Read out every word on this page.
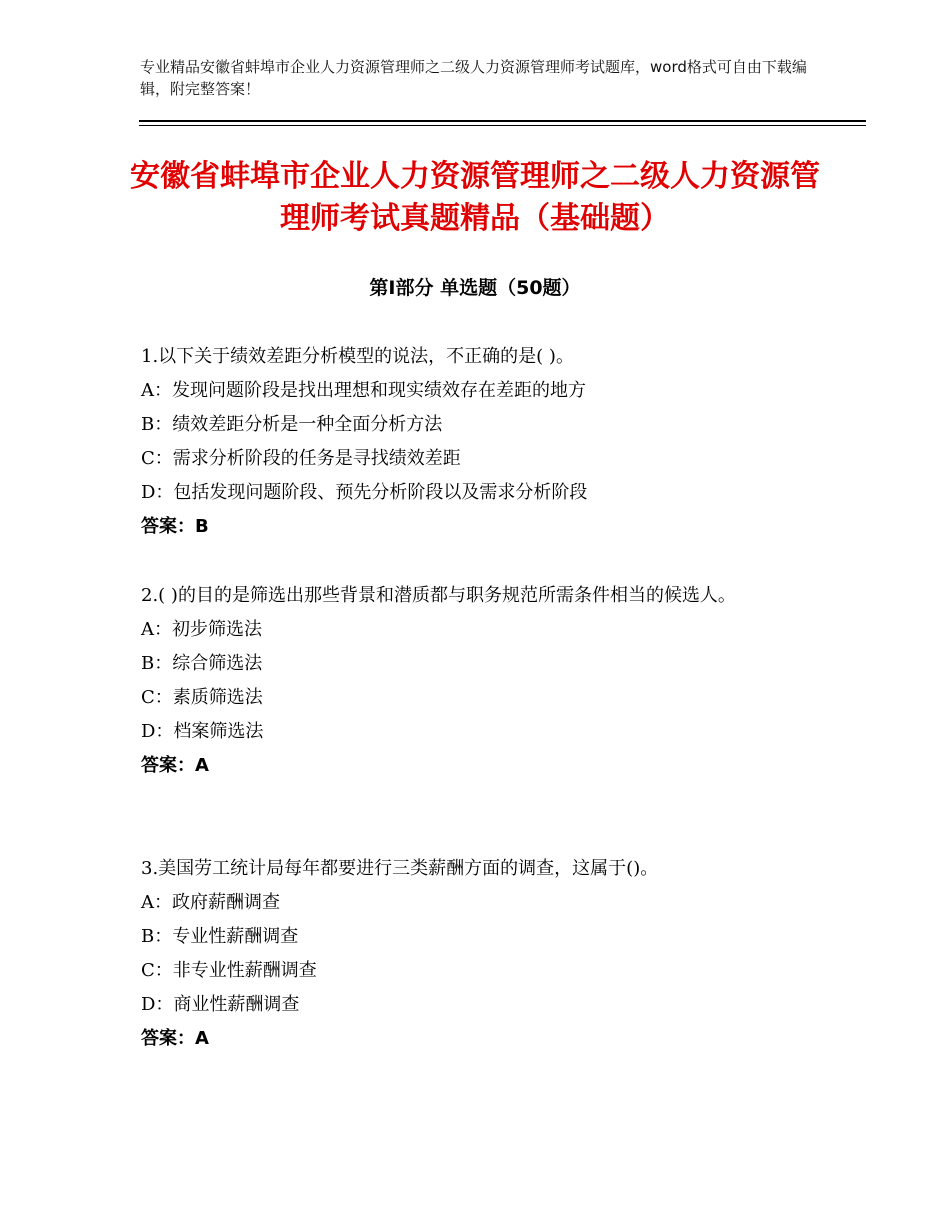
专业精品安徽省蚌埠市企业人力资源管理师之二级人力资源管理师考试题库，word格式可自由下载编辑，附完整答案！
安徽省蚌埠市企业人力资源管理师之二级人力资源管理师考试真题精品（基础题）
第Ⅰ部分 单选题（50题）
1.以下关于绩效差距分析模型的说法，不正确的是( )。
A：发现问题阶段是找出理想和现实绩效存在差距的地方
B：绩效差距分析是一种全面分析方法
C：需求分析阶段的任务是寻找绩效差距
D：包括发现问题阶段、预先分析阶段以及需求分析阶段
答案：B
2.( )的目的是筛选出那些背景和潜质都与职务规范所需条件相当的候选人。
A：初步筛选法
B：综合筛选法
C：素质筛选法
D：档案筛选法
答案：A
3.美国劳工统计局每年都要进行三类薪酬方面的调查，这属于()。
A：政府薪酬调查
B：专业性薪酬调查
C：非专业性薪酬调查
D：商业性薪酬调查
答案：A
